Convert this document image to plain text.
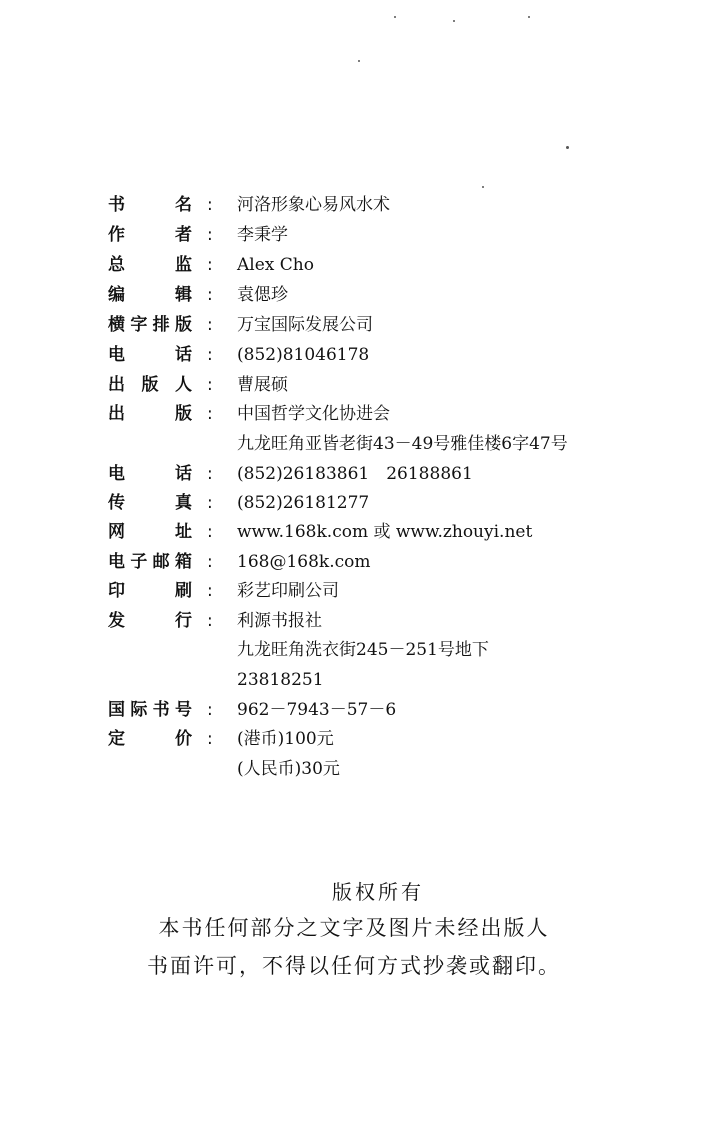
书	名 : 河洛形象心易风水术
作	者 : 李秉学
总	监 : Alex Cho
编	辑 : 袁偲珍
横 字 排 版 : 万宝国际发展公司
电	话 : (852)81046178
出 版 人 : 曹展硕
出	版 : 中国哲学文化协进会
九龙旺角亚皆老街43－49号雅佳楼6字47号
电	话 : (852)26183861　26188861
传	真 : (852)26181277
网	址 : www.168k.com 或 www.zhouyi.net
电 子 邮 箱 : 168@168k.com
印	刷 : 彩艺印刷公司
发	行 : 利源书报社
九龙旺角洗衣街245－251号地下
23818251
国 际 书 号 : 962－7943－57－6
定	价 : (港币)100元
(人民币)30元
版权所有
本书任何部分之文字及图片未经出版人
书面许可，不得以任何方式抄袭或翻印。
